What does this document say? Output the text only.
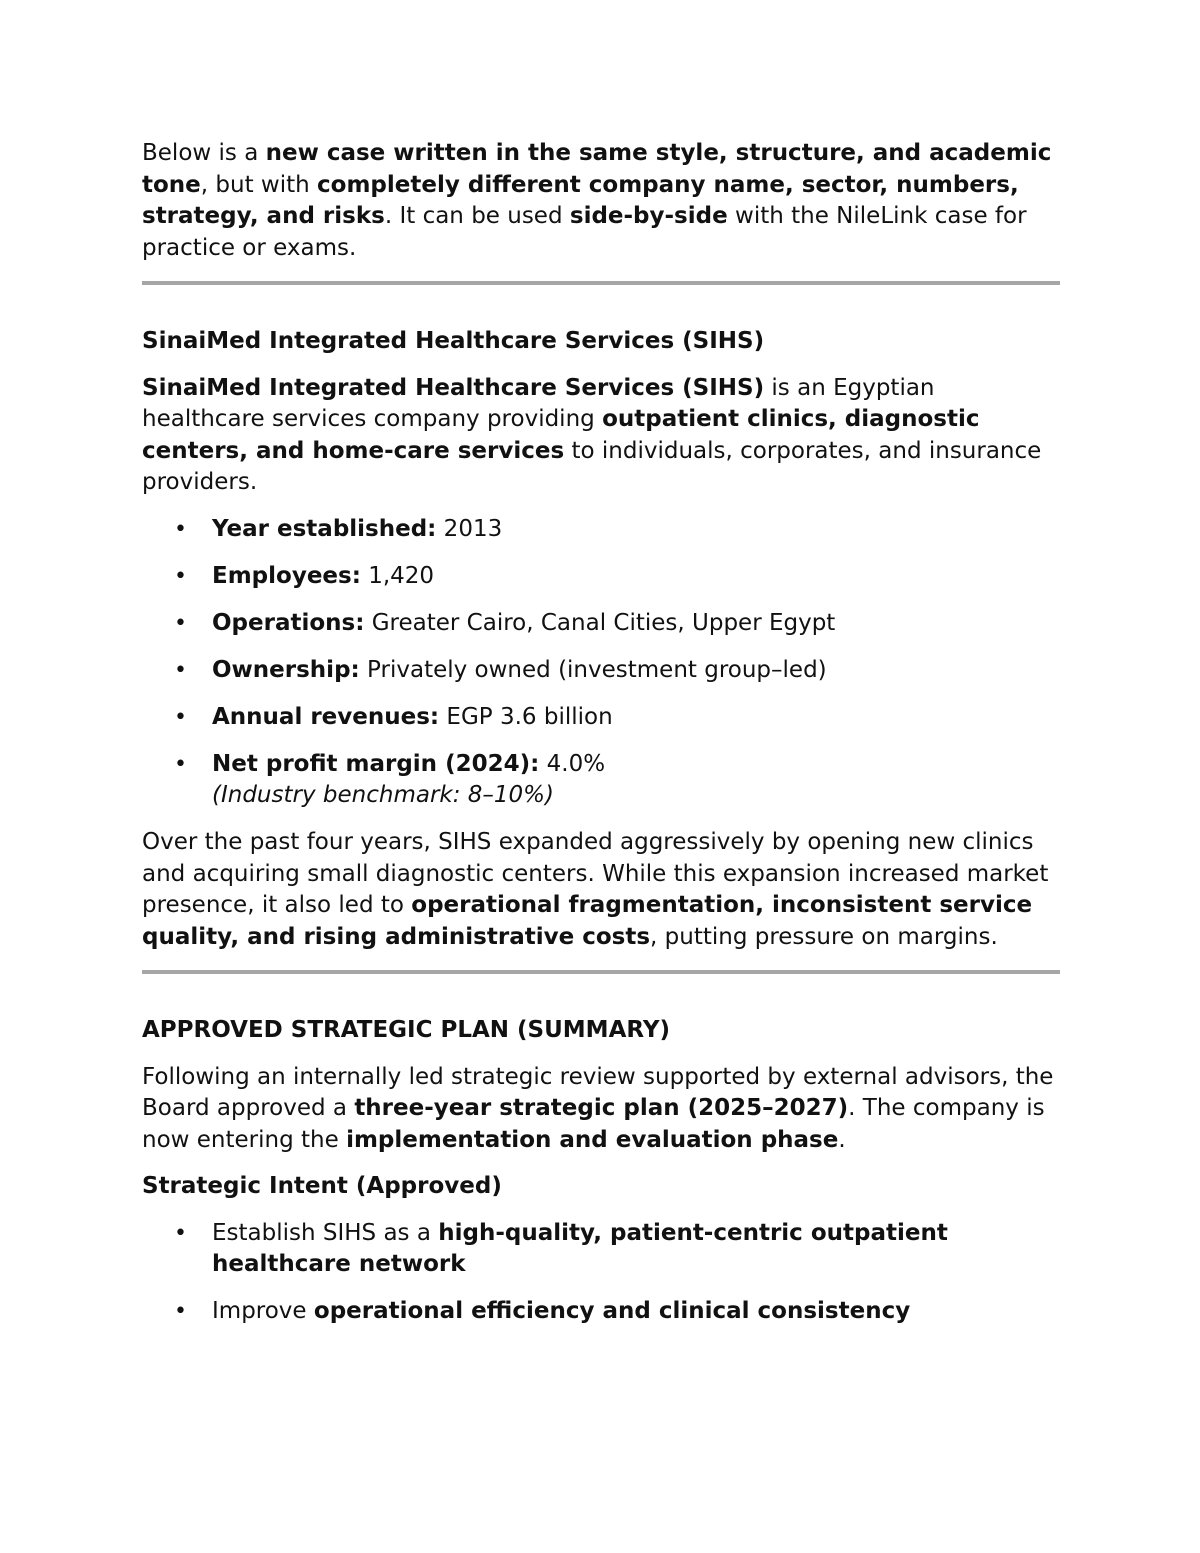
Below is a new case written in the same style, structure, and academic tone, but with completely different company name, sector, numbers, strategy, and risks. It can be used side-by-side with the NileLink case for practice or exams.

SinaiMed Integrated Healthcare Services (SIHS)

SinaiMed Integrated Healthcare Services (SIHS) is an Egyptian healthcare services company providing outpatient clinics, diagnostic centers, and home-care services to individuals, corporates, and insurance providers.

• Year established: 2013
• Employees: 1,420
• Operations: Greater Cairo, Canal Cities, Upper Egypt
• Ownership: Privately owned (investment group–led)
• Annual revenues: EGP 3.6 billion
• Net profit margin (2024): 4.0%
(Industry benchmark: 8–10%)

Over the past four years, SIHS expanded aggressively by opening new clinics and acquiring small diagnostic centers. While this expansion increased market presence, it also led to operational fragmentation, inconsistent service quality, and rising administrative costs, putting pressure on margins.

APPROVED STRATEGIC PLAN (SUMMARY)

Following an internally led strategic review supported by external advisors, the Board approved a three-year strategic plan (2025–2027). The company is now entering the implementation and evaluation phase.

Strategic Intent (Approved)

• Establish SIHS as a high-quality, patient-centric outpatient healthcare network
• Improve operational efficiency and clinical consistency
